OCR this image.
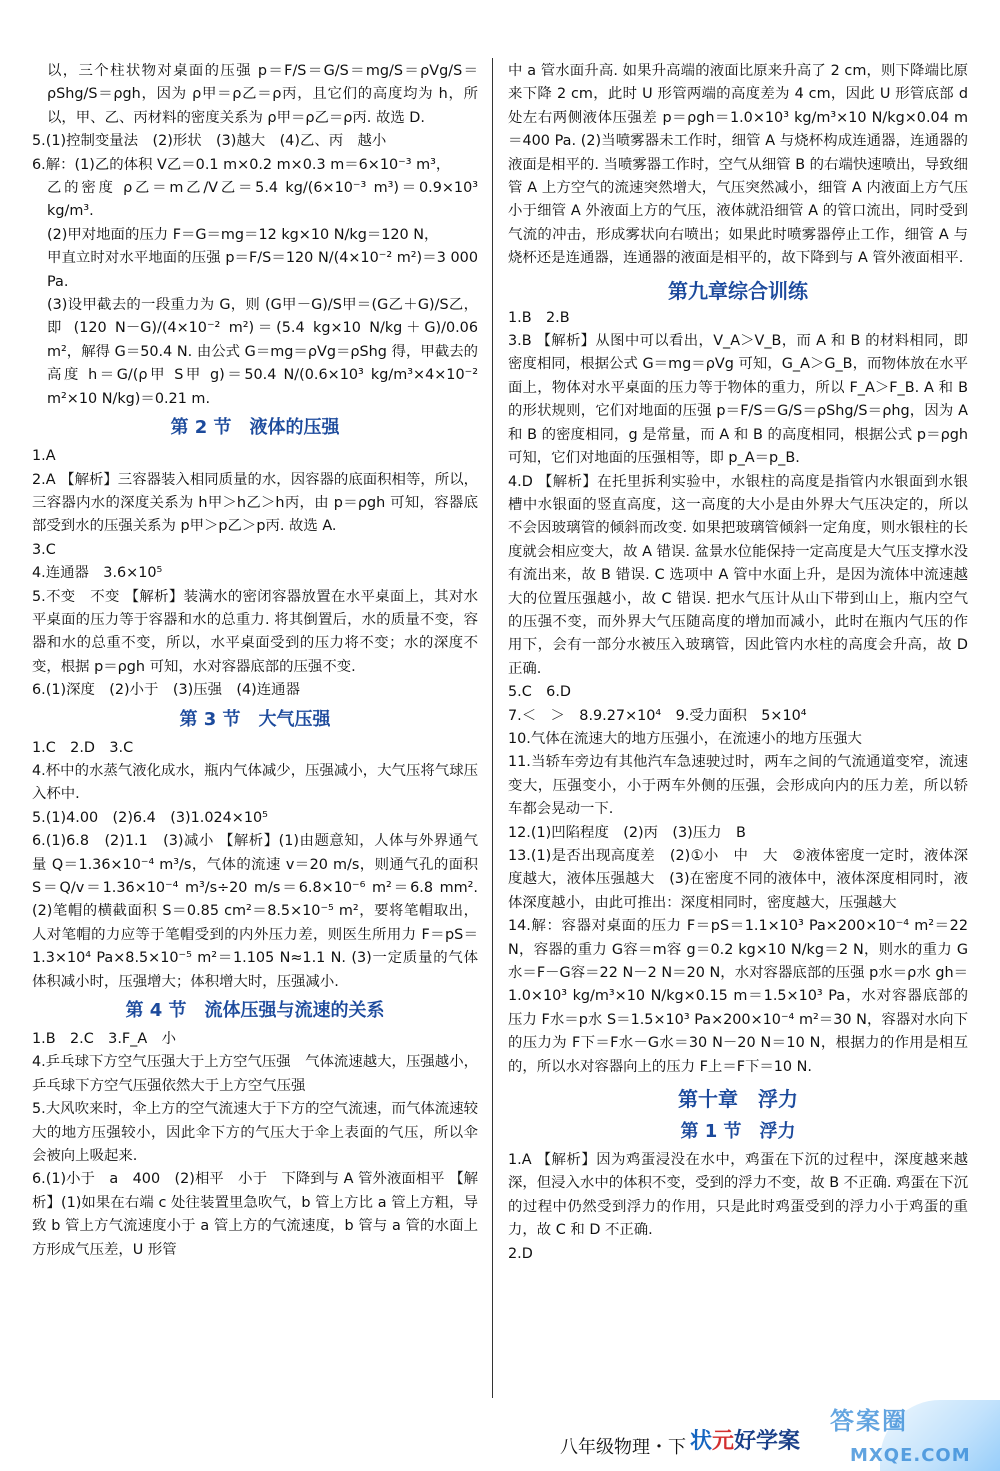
以，三个柱状物对桌面的压强 p＝F/S＝G/S＝mg/S＝ρVg/S＝ρShg/S＝ρgh，因为 ρ甲＝ρ乙＝ρ丙，且它们的高度均为 h，所以，甲、乙、丙材料的密度关系为 ρ甲＝ρ乙＝ρ丙. 故选 D.

5.(1)控制变量法　(2)形状　(3)越大　(4)乙、丙　越小

6.解：(1)乙的体积 V乙＝0.1 m×0.2 m×0.3 m＝6×10⁻³ m³，

乙的密度 ρ乙＝m乙/V乙＝5.4 kg/(6×10⁻³ m³)＝0.9×10³ kg/m³.

(2)甲对地面的压力 F＝G＝mg＝12 kg×10 N/kg＝120 N，

甲直立时对水平地面的压强 p＝F/S＝120 N/(4×10⁻² m²)＝3 000 Pa.

(3)设甲截去的一段重力为 G，则 (G甲－G)/S甲＝(G乙＋G)/S乙，即 (120 N－G)/(4×10⁻² m²)＝(5.4 kg×10 N/kg＋G)/0.06 m²，解得 G＝50.4 N. 由公式 G＝mg＝ρVg＝ρShg 得，甲截去的高度 h＝G/(ρ甲 S甲 g)＝50.4 N/(0.6×10³ kg/m³×4×10⁻² m²×10 N/kg)＝0.21 m.

第 2 节　液体的压强

1.A

2.A 【解析】三容器装入相同质量的水，因容器的底面积相等，所以，三容器内水的深度关系为 h甲＞h乙＞h丙，由 p＝ρgh 可知，容器底部受到水的压强关系为 p甲＞p乙＞p丙. 故选 A.

3.C

4.连通器　3.6×10⁵

5.不变　不变 【解析】装满水的密闭容器放置在水平桌面上，其对水平桌面的压力等于容器和水的总重力. 将其倒置后，水的质量不变，容器和水的总重不变，所以，水平桌面受到的压力将不变；水的深度不变，根据 p＝ρgh 可知，水对容器底部的压强不变.

6.(1)深度　(2)小于　(3)压强　(4)连通器

第 3 节　大气压强

1.C　2.D　3.C

4.杯中的水蒸气液化成水，瓶内气体减少，压强减小，大气压将气球压入杯中.

5.(1)4.00　(2)6.4　(3)1.024×10⁵

6.(1)6.8　(2)1.1　(3)减小 【解析】(1)由题意知，人体与外界通气量 Q＝1.36×10⁻⁴ m³/s，气体的流速 v＝20 m/s，则通气孔的面积 S＝Q/v＝1.36×10⁻⁴ m³/s÷20 m/s＝6.8×10⁻⁶ m²＝6.8 mm². (2)笔帽的横截面积 S＝0.85 cm²＝8.5×10⁻⁵ m²，要将笔帽取出，人对笔帽的力应等于笔帽受到的内外压力差，则医生所用力 F＝pS＝1.3×10⁴ Pa×8.5×10⁻⁵ m²＝1.105 N≈1.1 N. (3)一定质量的气体体积减小时，压强增大；体积增大时，压强减小.

第 4 节　流体压强与流速的关系

1.B　2.C　3.F_A　小

4.乒乓球下方空气压强大于上方空气压强　气体流速越大，压强越小，乒乓球下方空气压强依然大于上方空气压强

5.大风吹来时，伞上方的空气流速大于下方的空气流速，而气体流速较大的地方压强较小，因此伞下方的气压大于伞上表面的气压，所以伞会被向上吸起来.

6.(1)小于　a　400　(2)相平　小于　下降到与 A 管外液面相平 【解析】(1)如果在右端 c 处往装置里急吹气，b 管上方比 a 管上方粗，导致 b 管上方气流速度小于 a 管上方的气流速度，b 管与 a 管的水面上方形成气压差，U 形管

中 a 管水面升高. 如果升高端的液面比原来升高了 2 cm，则下降端比原来下降 2 cm，此时 U 形管两端的高度差为 4 cm，因此 U 形管底部 d 处左右两侧液体压强差 p＝ρgh＝1.0×10³ kg/m³×10 N/kg×0.04 m＝400 Pa. (2)当喷雾器未工作时，细管 A 与烧杯构成连通器，连通器的液面是相平的. 当喷雾器工作时，空气从细管 B 的右端快速喷出，导致细管 A 上方空气的流速突然增大，气压突然减小，细管 A 内液面上方气压小于细管 A 外液面上方的气压，液体就沿细管 A 的管口流出，同时受到气流的冲击，形成雾状向右喷出；如果此时喷雾器停止工作，细管 A 与烧杯还是连通器，连通器的液面是相平的，故下降到与 A 管外液面相平.

第九章综合训练

1.B　2.B

3.B 【解析】从图中可以看出，V_A＞V_B，而 A 和 B 的材料相同，即密度相同，根据公式 G＝mg＝ρVg 可知，G_A＞G_B，而物体放在水平面上，物体对水平桌面的压力等于物体的重力，所以 F_A＞F_B. A 和 B 的形状规则，它们对地面的压强 p＝F/S＝G/S＝ρShg/S＝ρhg，因为 A 和 B 的密度相同，g 是常量，而 A 和 B 的高度相同，根据公式 p＝ρgh 可知，它们对地面的压强相等，即 p_A＝p_B.

4.D 【解析】在托里拆利实验中，水银柱的高度是指管内水银面到水银槽中水银面的竖直高度，这一高度的大小是由外界大气压决定的，所以不会因玻璃管的倾斜而改变. 如果把玻璃管倾斜一定角度，则水银柱的长度就会相应变大，故 A 错误. 盆景水位能保持一定高度是大气压支撑水没有流出来，故 B 错误. C 选项中 A 管中水面上升，是因为流体中流速越大的位置压强越小，故 C 错误. 把水气压计从山下带到山上，瓶内空气的压强不变，而外界大气压随高度的增加而减小，此时在瓶内气压的作用下，会有一部分水被压入玻璃管，因此管内水柱的高度会升高，故 D 正确.

5.C　6.D

7.＜　＞　8.9.27×10⁴　9.受力面积　5×10⁴

10.气体在流速大的地方压强小，在流速小的地方压强大

11.当轿车旁边有其他汽车急速驶过时，两车之间的气流通道变窄，流速变大，压强变小，小于两车外侧的压强，会形成向内的压力差，所以轿车都会晃动一下.

12.(1)凹陷程度　(2)丙　(3)压力　B

13.(1)是否出现高度差　(2)①小　中　大　②液体密度一定时，液体深度越大，液体压强越大　(3)在密度不同的液体中，液体深度相同时，液体深度越小，由此可推出：深度相同时，密度越大，压强越大

14.解：容器对桌面的压力 F＝pS＝1.1×10³ Pa×200×10⁻⁴ m²＝22 N，容器的重力 G容＝m容 g＝0.2 kg×10 N/kg＝2 N，则水的重力 G水＝F－G容＝22 N－2 N＝20 N，水对容器底部的压强 p水＝ρ水 gh＝1.0×10³ kg/m³×10 N/kg×0.15 m＝1.5×10³ Pa，水对容器底部的压力 F水＝p水 S＝1.5×10³ Pa×200×10⁻⁴ m²＝30 N，容器对水向下的压力为 F下＝F水－G水＝30 N－20 N＝10 N，根据力的作用是相互的，所以水对容器向上的压力 F上＝F下＝10 N.

第十章　浮力
第 1 节　浮力

1.A 【解析】因为鸡蛋浸没在水中，鸡蛋在下沉的过程中，深度越来越深，但浸入水中的体积不变，受到的浮力不变，故 B 不正确. 鸡蛋在下沉的过程中仍然受到浮力的作用，只是此时鸡蛋受到的浮力小于鸡蛋的重力，故 C 和 D 不正确.

2.D

八年级物理・下 状元好学案
答案圈
MXQE.COM
